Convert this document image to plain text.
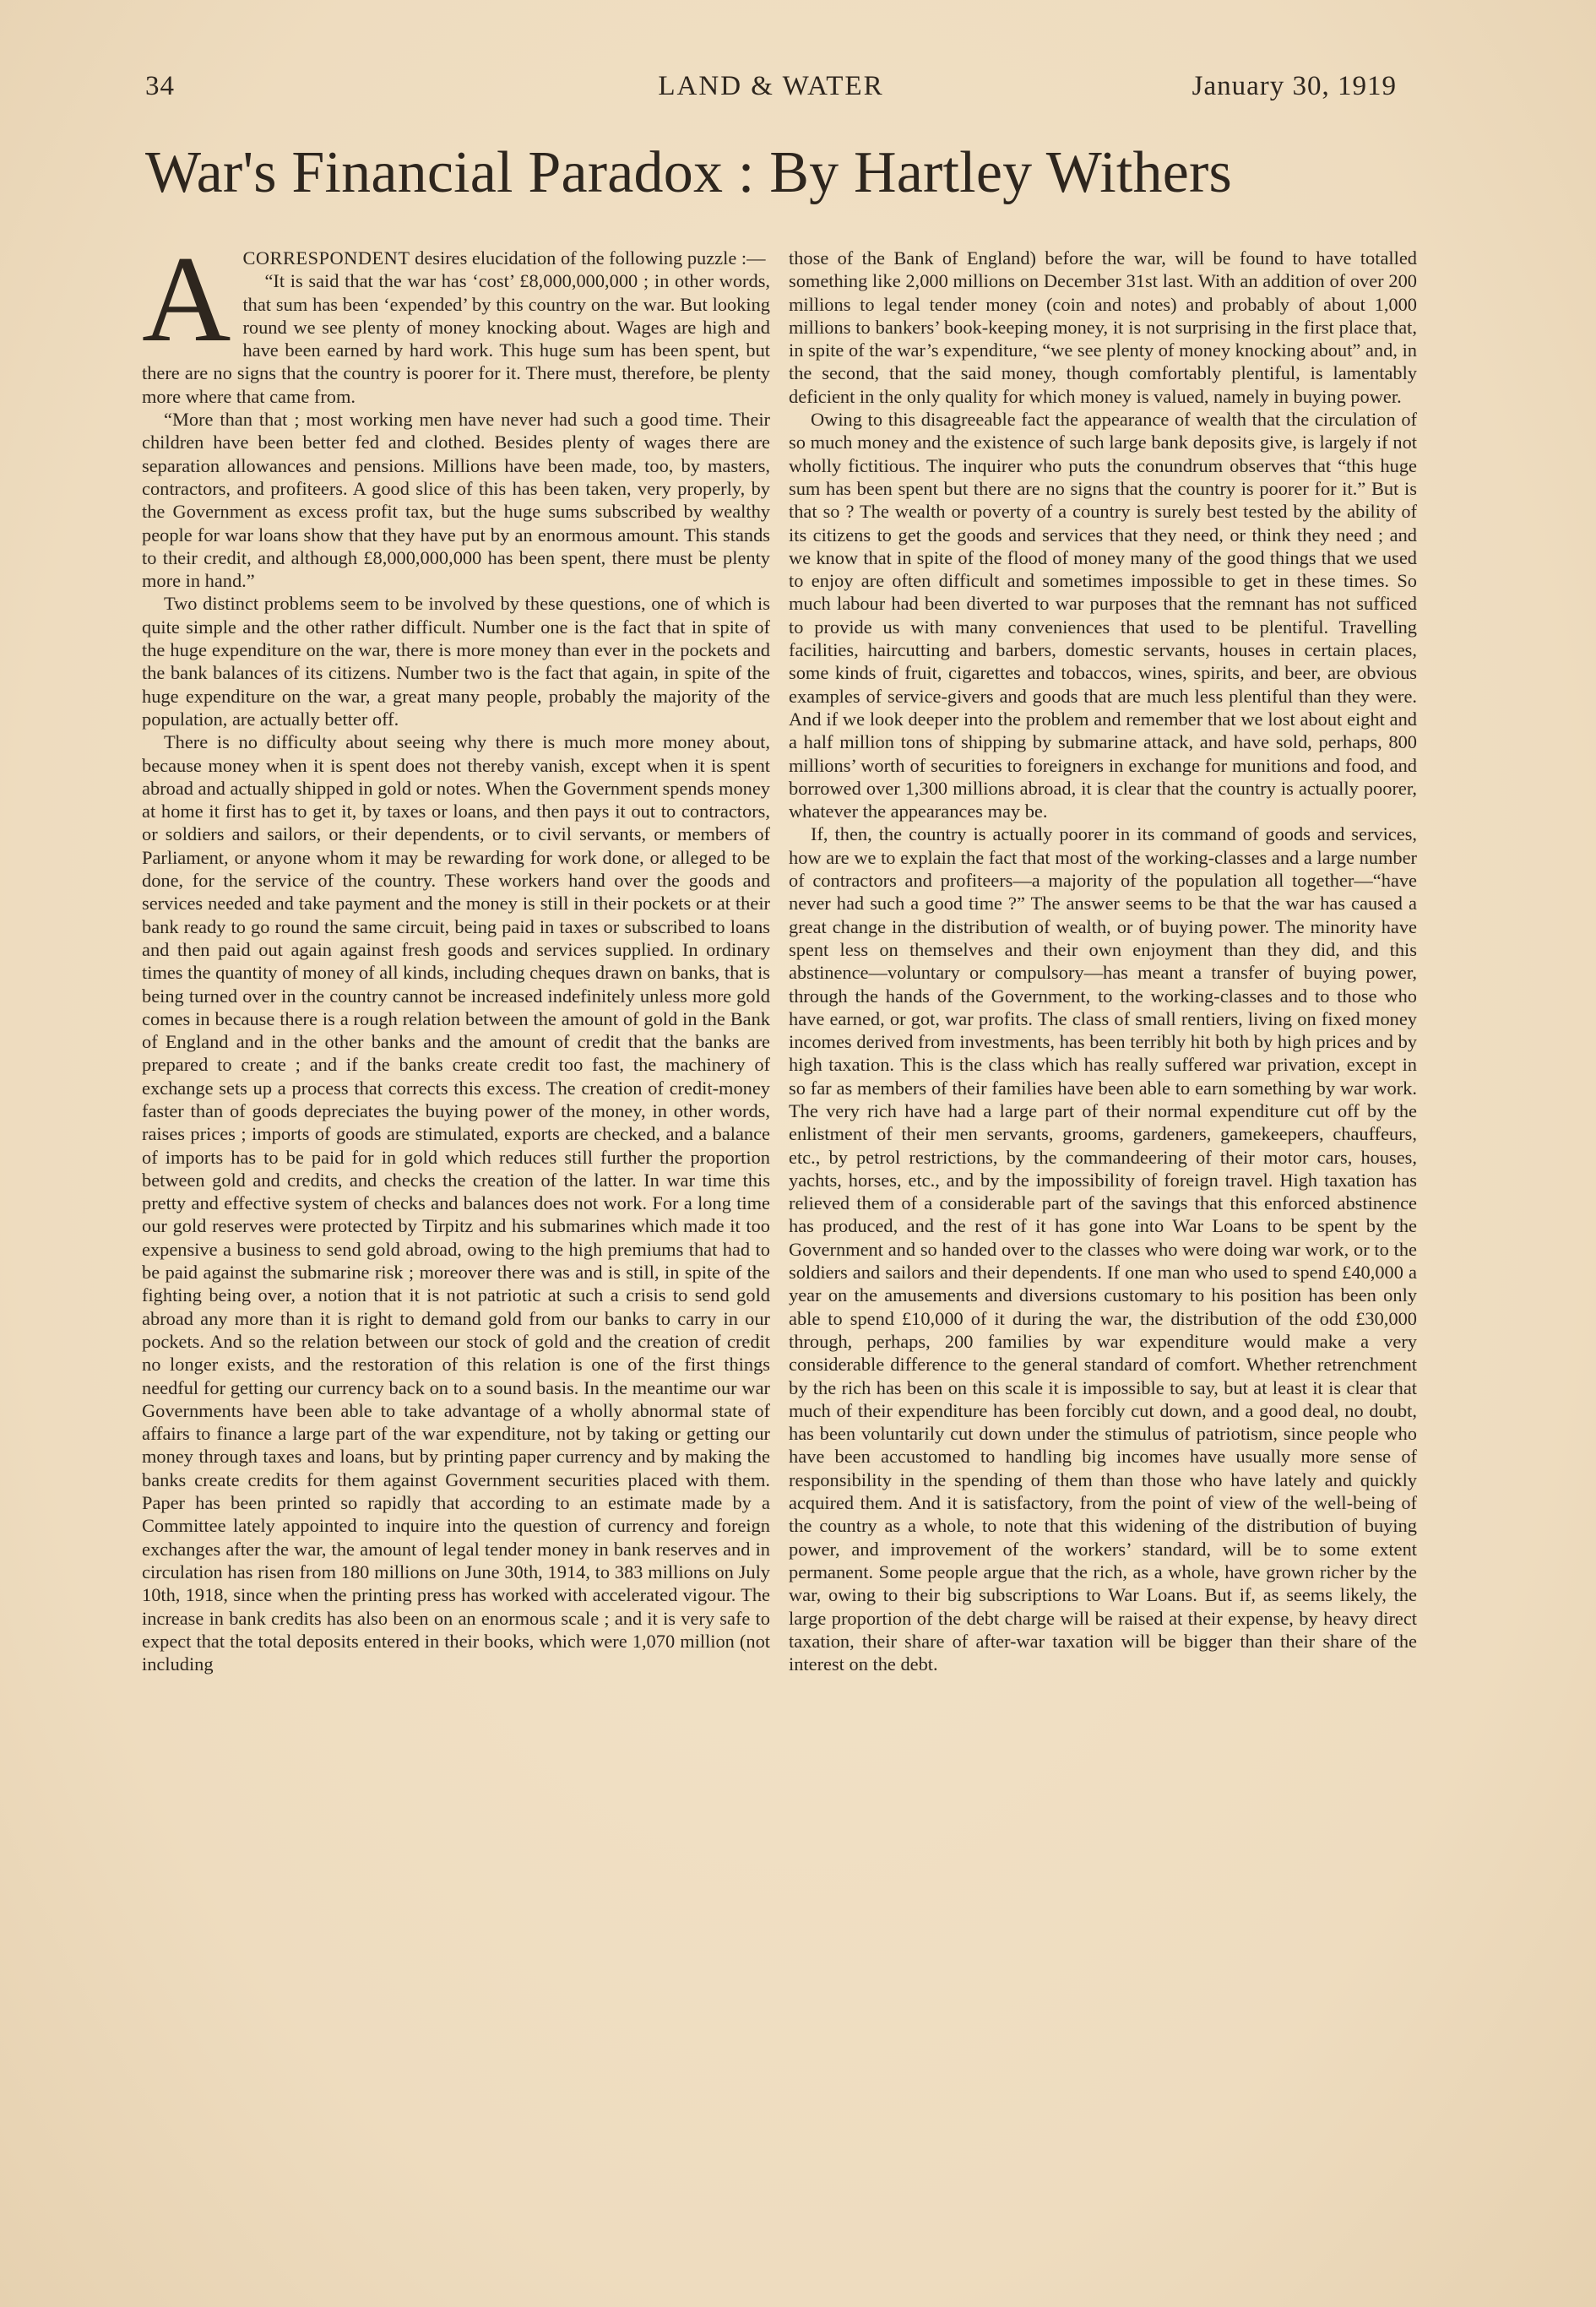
34	LAND & WATER	January 30, 1919
War's Financial Paradox : By Hartley Withers

ACORRESPONDENT desires elucidation of the following puzzle :—

“It is said that the war has ‘cost’ £8,000,000,000 ; in other words, that sum has been ‘expended’ by this country on the war. But looking round we see plenty of money knocking about. Wages are high and have been earned by hard work. This huge sum has been spent, but there are no signs that the country is poorer for it. There must, therefore, be plenty more where that came from.

“More than that ; most working men have never had such a good time. Their children have been better fed and clothed. Besides plenty of wages there are separation allowances and pensions. Millions have been made, too, by masters, contractors, and profiteers. A good slice of this has been taken, very properly, by the Government as excess profit tax, but the huge sums subscribed by wealthy people for war loans show that they have put by an enormous amount. This stands to their credit, and although £8,000,000,000 has been spent, there must be plenty more in hand.”

Two distinct problems seem to be involved by these questions, one of which is quite simple and the other rather difficult. Number one is the fact that in spite of the huge expenditure on the war, there is more money than ever in the pockets and the bank balances of its citizens. Number two is the fact that again, in spite of the huge expenditure on the war, a great many people, probably the majority of the population, are actually better off.

There is no difficulty about seeing why there is much more money about, because money when it is spent does not thereby vanish, except when it is spent abroad and actually shipped in gold or notes. When the Government spends money at home it first has to get it, by taxes or loans, and then pays it out to contractors, or soldiers and sailors, or their dependents, or to civil servants, or members of Parliament, or anyone whom it may be rewarding for work done, or alleged to be done, for the service of the country. These workers hand over the goods and services needed and take payment and the money is still in their pockets or at their bank ready to go round the same circuit, being paid in taxes or subscribed to loans and then paid out again against fresh goods and services supplied. In ordinary times the quantity of money of all kinds, including cheques drawn on banks, that is being turned over in the country cannot be increased indefinitely unless more gold comes in because there is a rough relation between the amount of gold in the Bank of England and in the other banks and the amount of credit that the banks are prepared to create ; and if the banks create credit too fast, the machinery of exchange sets up a process that corrects this excess. The creation of credit-money faster than of goods depreciates the buying power of the money, in other words, raises prices ; imports of goods are stimulated, exports are checked, and a balance of imports has to be paid for in gold which reduces still further the proportion between gold and credits, and checks the creation of the latter. In war time this pretty and effective system of checks and balances does not work. For a long time our gold reserves were protected by Tirpitz and his submarines which made it too expensive a business to send gold abroad, owing to the high premiums that had to be paid against the submarine risk ; moreover there was and is still, in spite of the fighting being over, a notion that it is not patriotic at such a crisis to send gold abroad any more than it is right to demand gold from our banks to carry in our pockets. And so the relation between our stock of gold and the creation of credit no longer exists, and the restoration of this relation is one of the first things needful for getting our currency back on to a sound basis. In the meantime our war Governments have been able to take advantage of a wholly abnormal state of affairs to finance a large part of the war expenditure, not by taking or getting our money through taxes and loans, but by printing paper currency and by making the banks create credits for them against Government securities placed with them. Paper has been printed so rapidly that according to an estimate made by a Committee lately appointed to inquire into the question of currency and foreign exchanges after the war, the amount of legal tender money in bank reserves and in circulation has risen from 180 millions on June 30th, 1914, to 383 millions on July 10th, 1918, since when the printing press has worked with accelerated vigour. The increase in bank credits has also been on an enormous scale ; and it is very safe to expect that the total deposits entered in their books, which were 1,070 million (not including

those of the Bank of England) before the war, will be found to have totalled something like 2,000 millions on December 31st last. With an addition of over 200 millions to legal tender money (coin and notes) and probably of about 1,000 millions to bankers’ book-keeping money, it is not surprising in the first place that, in spite of the war’s expenditure, “we see plenty of money knocking about” and, in the second, that the said money, though comfortably plentiful, is lamentably deficient in the only quality for which money is valued, namely in buying power.

Owing to this disagreeable fact the appearance of wealth that the circulation of so much money and the existence of such large bank deposits give, is largely if not wholly fictitious. The inquirer who puts the conundrum observes that “this huge sum has been spent but there are no signs that the country is poorer for it.” But is that so ? The wealth or poverty of a country is surely best tested by the ability of its citizens to get the goods and services that they need, or think they need ; and we know that in spite of the flood of money many of the good things that we used to enjoy are often difficult and sometimes impossible to get in these times. So much labour had been diverted to war purposes that the remnant has not sufficed to provide us with many conveniences that used to be plentiful. Travelling facilities, haircutting and barbers, domestic servants, houses in certain places, some kinds of fruit, cigarettes and tobaccos, wines, spirits, and beer, are obvious examples of service-givers and goods that are much less plentiful than they were. And if we look deeper into the problem and remember that we lost about eight and a half million tons of shipping by submarine attack, and have sold, perhaps, 800 millions’ worth of securities to foreigners in exchange for munitions and food, and borrowed over 1,300 millions abroad, it is clear that the country is actually poorer, whatever the appearances may be.

If, then, the country is actually poorer in its command of goods and services, how are we to explain the fact that most of the working-classes and a large number of contractors and profiteers—a majority of the population all together—“have never had such a good time ?” The answer seems to be that the war has caused a great change in the distribution of wealth, or of buying power. The minority have spent less on themselves and their own enjoyment than they did, and this abstinence—voluntary or compulsory—has meant a transfer of buying power, through the hands of the Government, to the working-classes and to those who have earned, or got, war profits. The class of small rentiers, living on fixed money incomes derived from investments, has been terribly hit both by high prices and by high taxation. This is the class which has really suffered war privation, except in so far as members of their families have been able to earn something by war work. The very rich have had a large part of their normal expenditure cut off by the enlistment of their men servants, grooms, gardeners, gamekeepers, chauffeurs, etc., by petrol restrictions, by the commandeering of their motor cars, houses, yachts, horses, etc., and by the impossibility of foreign travel. High taxation has relieved them of a considerable part of the savings that this enforced abstinence has produced, and the rest of it has gone into War Loans to be spent by the Government and so handed over to the classes who were doing war work, or to the soldiers and sailors and their dependents. If one man who used to spend £40,000 a year on the amusements and diversions customary to his position has been only able to spend £10,000 of it during the war, the distribution of the odd £30,000 through, perhaps, 200 families by war expenditure would make a very considerable difference to the general standard of comfort. Whether retrenchment by the rich has been on this scale it is impossible to say, but at least it is clear that much of their expenditure has been forcibly cut down, and a good deal, no doubt, has been voluntarily cut down under the stimulus of patriotism, since people who have been accustomed to handling big incomes have usually more sense of responsibility in the spending of them than those who have lately and quickly acquired them. And it is satisfactory, from the point of view of the well-being of the country as a whole, to note that this widening of the distribution of buying power, and improvement of the workers’ standard, will be to some extent permanent. Some people argue that the rich, as a whole, have grown richer by the war, owing to their big subscriptions to War Loans. But if, as seems likely, the large proportion of the debt charge will be raised at their expense, by heavy direct taxation, their share of after-war taxation will be bigger than their share of the interest on the debt.
